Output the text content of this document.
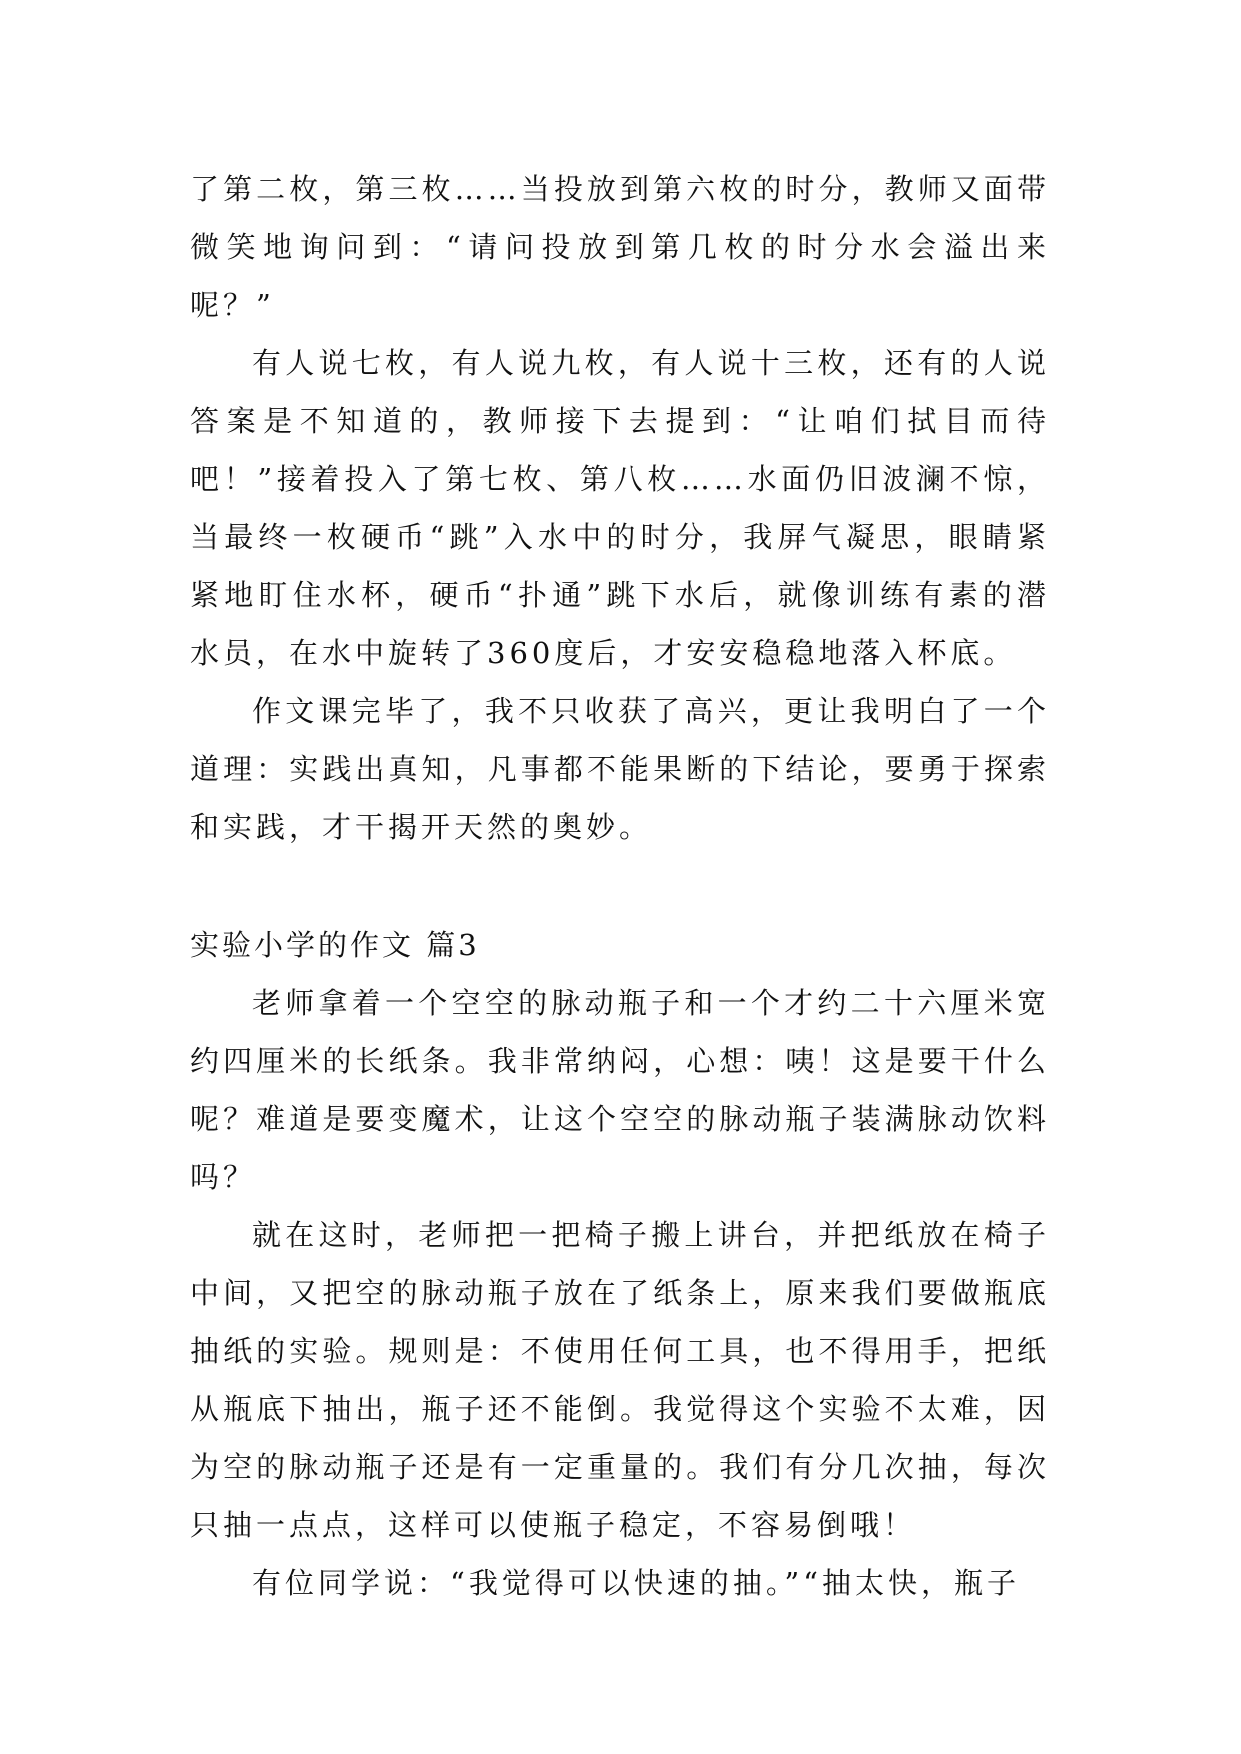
了第二枚，第三枚……当投放到第六枚的时分，教师又面带微笑地询问到：“请问投放到第几枚的时分水会溢出来呢？”

有人说七枚，有人说九枚，有人说十三枚，还有的人说答案是不知道的，教师接下去提到：“让咱们拭目而待吧！”接着投入了第七枚、第八枚……水面仍旧波澜不惊，当最终一枚硬币“跳”入水中的时分，我屏气凝思，眼睛紧紧地盯住水杯，硬币“扑通”跳下水后，就像训练有素的潜水员，在水中旋转了360度后，才安安稳稳地落入杯底。

作文课完毕了，我不只收获了高兴，更让我明白了一个道理：实践出真知，凡事都不能果断的下结论，要勇于探索和实践，才干揭开天然的奥妙。

实验小学的作文 篇3

老师拿着一个空空的脉动瓶子和一个才约二十六厘米宽约四厘米的长纸条。我非常纳闷，心想：咦！这是要干什么呢？难道是要变魔术，让这个空空的脉动瓶子装满脉动饮料吗？

就在这时，老师把一把椅子搬上讲台，并把纸放在椅子中间，又把空的脉动瓶子放在了纸条上，原来我们要做瓶底抽纸的实验。规则是：不使用任何工具，也不得用手，把纸从瓶底下抽出，瓶子还不能倒。我觉得这个实验不太难，因为空的脉动瓶子还是有一定重量的。我们有分几次抽，每次只抽一点点，这样可以使瓶子稳定，不容易倒哦！

有位同学说：“我觉得可以快速的抽。”“抽太快，瓶子
